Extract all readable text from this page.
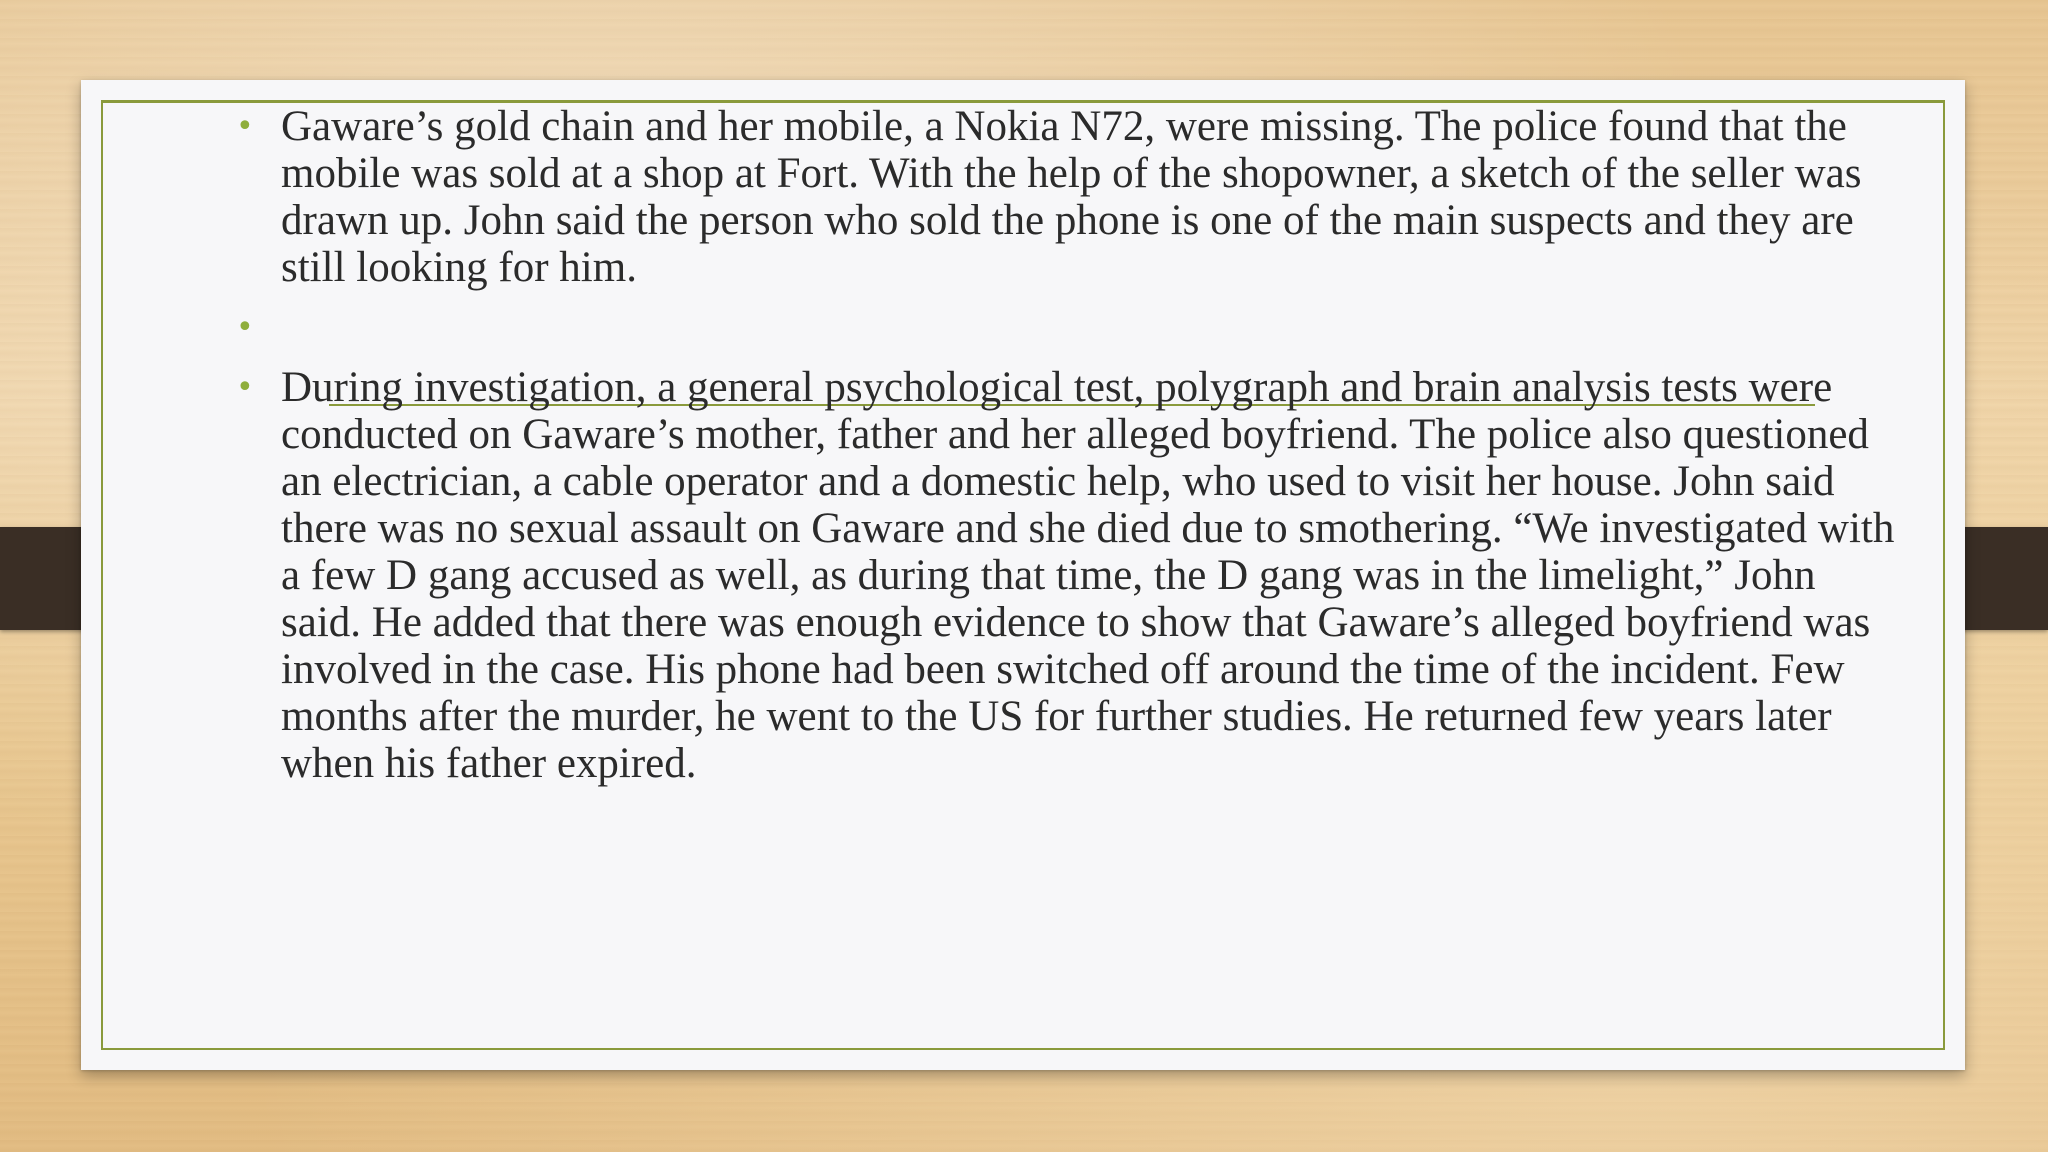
• Gaware’s gold chain and her mobile, a Nokia N72, were missing. The police found that the mobile was sold at a shop at Fort. With the help of the shopowner, a sketch of the seller was drawn up. John said the person who sold the phone is one of the main suspects and they are still looking for him.
•
• During investigation, a general psychological test, polygraph and brain analysis tests were conducted on Gaware’s mother, father and her alleged boyfriend. The police also questioned an electrician, a cable operator and a domestic help, who used to visit her house. John said there was no sexual assault on Gaware and she died due to smothering. “We investigated with a few D gang accused as well, as during that time, the D gang was in the limelight,” John said. He added that there was enough evidence to show that Gaware’s alleged boyfriend was involved in the case. His phone had been switched off around the time of the incident. Few months after the murder, he went to the US for further studies. He returned few years later when his father expired.
